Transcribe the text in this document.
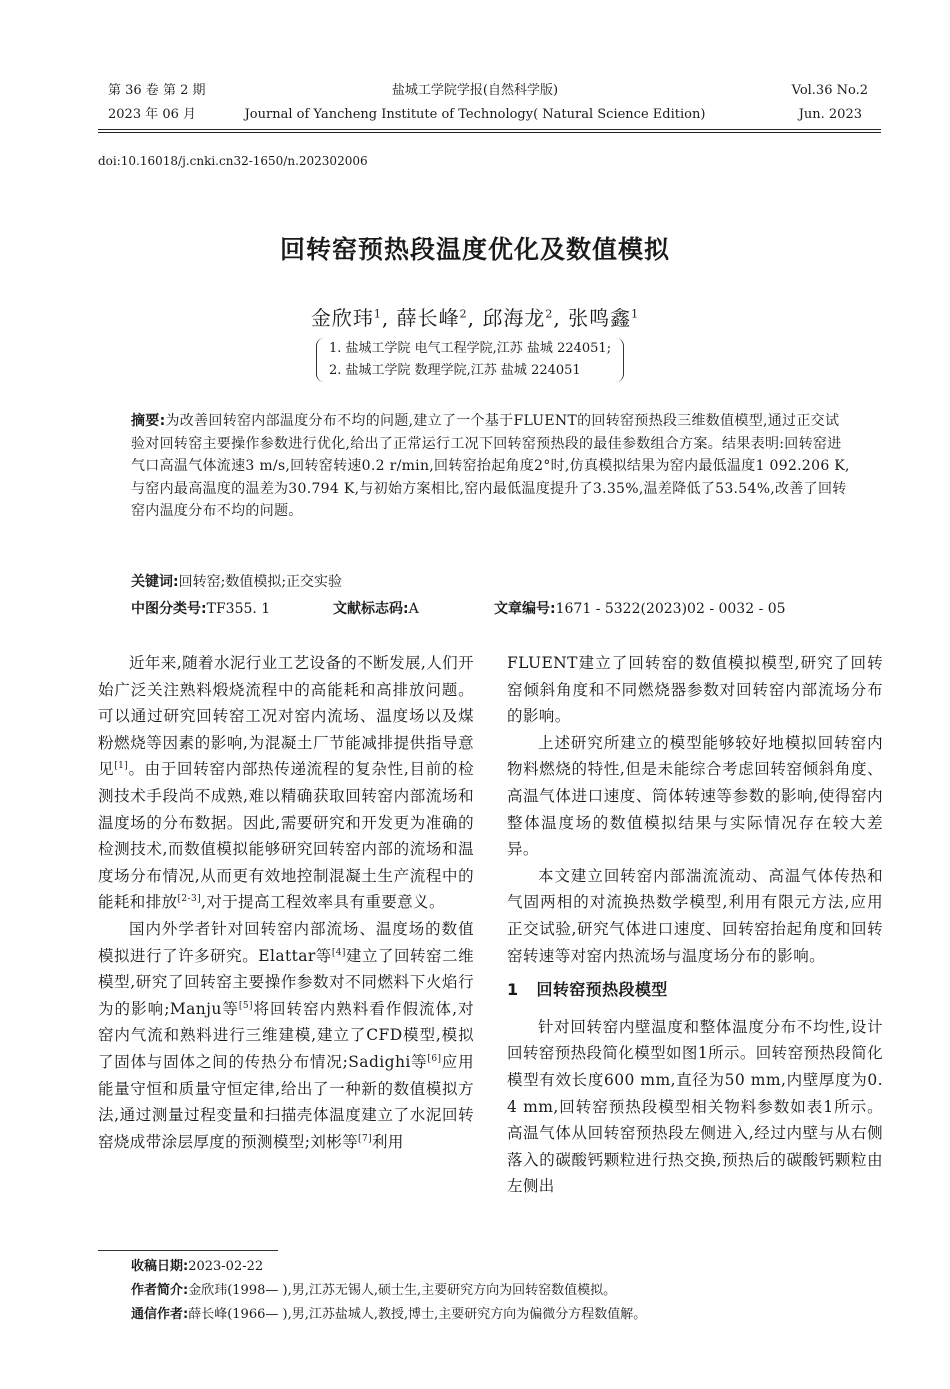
第 36 卷 第 2 期
2023 年 06 月
盐城工学院学报(自然科学版)
Journal of Yancheng Institute of Technology( Natural Science Edition)
Vol.36 No.2
Jun. 2023
doi:10.16018/j.cnki.cn32-1650/n.202302006
回转窑预热段温度优化及数值模拟
金欣玮$^1$, 薛长峰$^2$, 邱海龙$^2$, 张鸣鑫$^1$
1. 盐城工学院 电气工程学院,江苏 盐城 224051;
2. 盐城工学院 数理学院,江苏 盐城 224051
摘要:为改善回转窑内部温度分布不均的问题,建立了一个基于FLUENT的回转窑预热段三维数值模型,通过正交试验对回转窑主要操作参数进行优化,给出了正常运行工况下回转窑预热段的最佳参数组合方案。结果表明:回转窑进气口高温气体流速3 m/s,回转窑转速0.2 r/min,回转窑抬起角度2°时,仿真模拟结果为窑内最低温度1 092.206 K,与窑内最高温度的温差为30.794 K,与初始方案相比,窑内最低温度提升了3.35%,温差降低了53.54%,改善了回转窑内温度分布不均的问题。
关键词:回转窑;数值模拟;正交实验
中图分类号:TF355. 1	文献标志码:A	文章编号:1671 - 5322(2023)02 - 0032 - 05

近年来,随着水泥行业工艺设备的不断发展,人们开始广泛关注熟料煅烧流程中的高能耗和高排放问题。可以通过研究回转窑工况对窑内流场、温度场以及煤粉燃烧等因素的影响,为混凝土厂节能减排提供指导意见[1]。由于回转窑内部热传递流程的复杂性,目前的检测技术手段尚不成熟,难以精确获取回转窑内部流场和温度场的分布数据。因此,需要研究和开发更为准确的检测技术,而数值模拟能够研究回转窑内部的流场和温度场分布情况,从而更有效地控制混凝土生产流程中的能耗和排放[2-3],对于提高工程效率具有重要意义。

国内外学者针对回转窑内部流场、温度场的数值模拟进行了许多研究。Elattar等[4]建立了回转窑二维模型,研究了回转窑主要操作参数对不同燃料下火焰行为的影响;Manju等[5]将回转窑内熟料看作假流体,对窑内气流和熟料进行三维建模,建立了CFD模型,模拟了固体与固体之间的传热分布情况;Sadighi等[6]应用能量守恒和质量守恒定律,给出了一种新的数值模拟方法,通过测量过程变量和扫描壳体温度建立了水泥回转窑烧成带涂层厚度的预测模型;刘彬等[7]利用

FLUENT建立了回转窑的数值模拟模型,研究了回转窑倾斜角度和不同燃烧器参数对回转窑内部流场分布的影响。

上述研究所建立的模型能够较好地模拟回转窑内物料燃烧的特性,但是未能综合考虑回转窑倾斜角度、高温气体进口速度、筒体转速等参数的影响,使得窑内整体温度场的数值模拟结果与实际情况存在较大差异。

本文建立回转窑内部湍流流动、高温气体传热和气固两相的对流换热数学模型,利用有限元方法,应用正交试验,研究气体进口速度、回转窑抬起角度和回转窑转速等对窑内热流场与温度场分布的影响。

1 回转窑预热段模型

针对回转窑内壁温度和整体温度分布不均性,设计回转窑预热段简化模型如图1所示。回转窑预热段简化模型有效长度600 mm,直径为50 mm,内壁厚度为0. 4 mm,回转窑预热段模型相关物料参数如表1所示。高温气体从回转窑预热段左侧进入,经过内壁与从右侧落入的碳酸钙颗粒进行热交换,预热后的碳酸钙颗粒由左侧出

收稿日期:2023-02-22
作者简介:金欣玮(1998— ),男,江苏无锡人,硕士生,主要研究方向为回转窑数值模拟。
通信作者:薛长峰(1966— ),男,江苏盐城人,教授,博士,主要研究方向为偏微分方程数值解。
